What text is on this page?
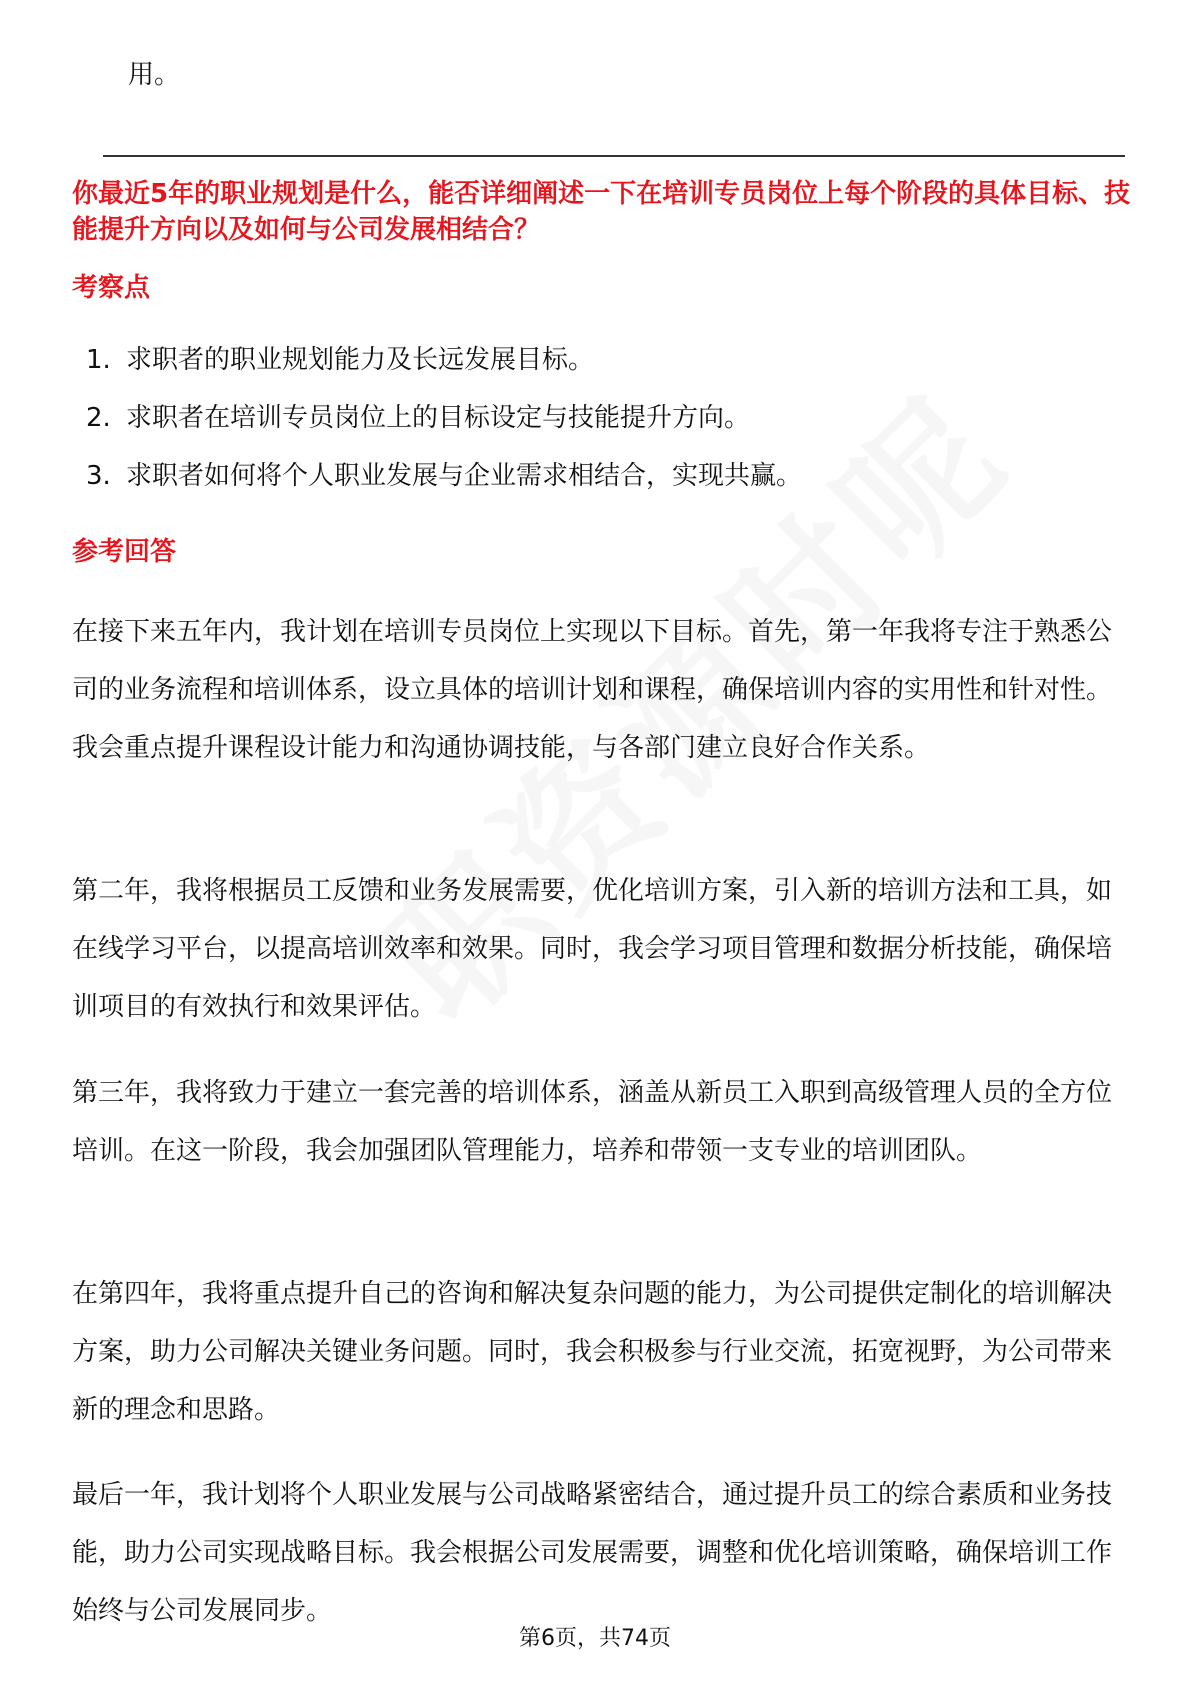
用。
你最近5年的职业规划是什么，能否详细阐述一下在培训专员岗位上每个阶段的具体目标、技能提升方向以及如何与公司发展相结合？
考察点
1. 求职者的职业规划能力及长远发展目标。
2. 求职者在培训专员岗位上的目标设定与技能提升方向。
3. 求职者如何将个人职业发展与企业需求相结合，实现共赢。
参考回答

在接下来五年内，我计划在培训专员岗位上实现以下目标。首先，第一年我将专注于熟悉公司的业务流程和培训体系，设立具体的培训计划和课程，确保培训内容的实用性和针对性。我会重点提升课程设计能力和沟通协调技能，与各部门建立良好合作关系。

第二年，我将根据员工反馈和业务发展需要，优化培训方案，引入新的培训方法和工具，如在线学习平台，以提高培训效率和效果。同时，我会学习项目管理和数据分析技能，确保培训项目的有效执行和效果评估。

第三年，我将致力于建立一套完善的培训体系，涵盖从新员工入职到高级管理人员的全方位培训。在这一阶段，我会加强团队管理能力，培养和带领一支专业的培训团队。

在第四年，我将重点提升自己的咨询和解决复杂问题的能力，为公司提供定制化的培训解决方案，助力公司解决关键业务问题。同时，我会积极参与行业交流，拓宽视野，为公司带来新的理念和思路。

最后一年，我计划将个人职业发展与公司战略紧密结合，通过提升员工的综合素质和业务技能，助力公司实现战略目标。我会根据公司发展需要，调整和优化培训策略，确保培训工作始终与公司发展同步。

第6页，共74页
